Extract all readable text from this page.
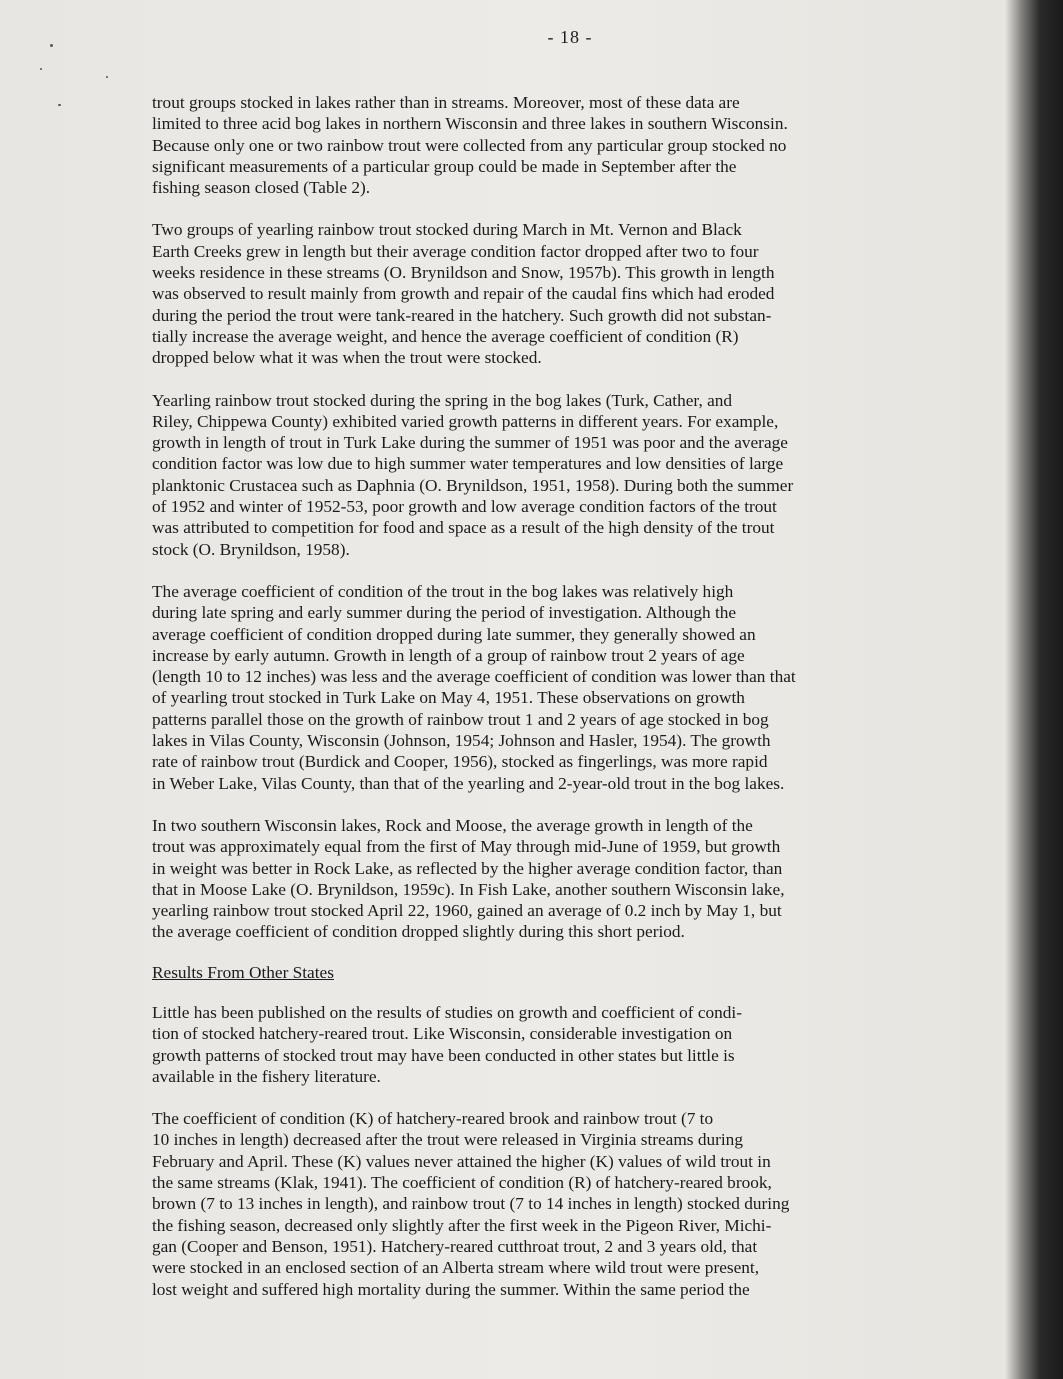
- 18 -

trout groups stocked in lakes rather than in streams. Moreover, most of these data are
limited to three acid bog lakes in northern Wisconsin and three lakes in southern Wisconsin.
Because only one or two rainbow trout were collected from any particular group stocked no
significant measurements of a particular group could be made in September after the
fishing season closed (Table 2).

Two groups of yearling rainbow trout stocked during March in Mt. Vernon and Black
Earth Creeks grew in length but their average condition factor dropped after two to four
weeks residence in these streams (O. Brynildson and Snow, 1957b). This growth in length
was observed to result mainly from growth and repair of the caudal fins which had eroded
during the period the trout were tank-reared in the hatchery. Such growth did not substan-
tially increase the average weight, and hence the average coefficient of condition (R)
dropped below what it was when the trout were stocked.

Yearling rainbow trout stocked during the spring in the bog lakes (Turk, Cather, and
Riley, Chippewa County) exhibited varied growth patterns in different years. For example,
growth in length of trout in Turk Lake during the summer of 1951 was poor and the average
condition factor was low due to high summer water temperatures and low densities of large
planktonic Crustacea such as Daphnia (O. Brynildson, 1951, 1958). During both the summer
of 1952 and winter of 1952-53, poor growth and low average condition factors of the trout
was attributed to competition for food and space as a result of the high density of the trout
stock (O. Brynildson, 1958).

The average coefficient of condition of the trout in the bog lakes was relatively high
during late spring and early summer during the period of investigation. Although the
average coefficient of condition dropped during late summer, they generally showed an
increase by early autumn. Growth in length of a group of rainbow trout 2 years of age
(length 10 to 12 inches) was less and the average coefficient of condition was lower than that
of yearling trout stocked in Turk Lake on May 4, 1951. These observations on growth
patterns parallel those on the growth of rainbow trout 1 and 2 years of age stocked in bog
lakes in Vilas County, Wisconsin (Johnson, 1954; Johnson and Hasler, 1954). The growth
rate of rainbow trout (Burdick and Cooper, 1956), stocked as fingerlings, was more rapid
in Weber Lake, Vilas County, than that of the yearling and 2-year-old trout in the bog lakes.

In two southern Wisconsin lakes, Rock and Moose, the average growth in length of the
trout was approximately equal from the first of May through mid-June of 1959, but growth
in weight was better in Rock Lake, as reflected by the higher average condition factor, than
that in Moose Lake (O. Brynildson, 1959c). In Fish Lake, another southern Wisconsin lake,
yearling rainbow trout stocked April 22, 1960, gained an average of 0.2 inch by May 1, but
the average coefficient of condition dropped slightly during this short period.

Results From Other States

Little has been published on the results of studies on growth and coefficient of condi-
tion of stocked hatchery-reared trout. Like Wisconsin, considerable investigation on
growth patterns of stocked trout may have been conducted in other states but little is
available in the fishery literature.

The coefficient of condition (K) of hatchery-reared brook and rainbow trout (7 to
10 inches in length) decreased after the trout were released in Virginia streams during
February and April. These (K) values never attained the higher (K) values of wild trout in
the same streams (Klak, 1941). The coefficient of condition (R) of hatchery-reared brook,
brown (7 to 13 inches in length), and rainbow trout (7 to 14 inches in length) stocked during
the fishing season, decreased only slightly after the first week in the Pigeon River, Michi-
gan (Cooper and Benson, 1951). Hatchery-reared cutthroat trout, 2 and 3 years old, that
were stocked in an enclosed section of an Alberta stream where wild trout were present,
lost weight and suffered high mortality during the summer. Within the same period the
